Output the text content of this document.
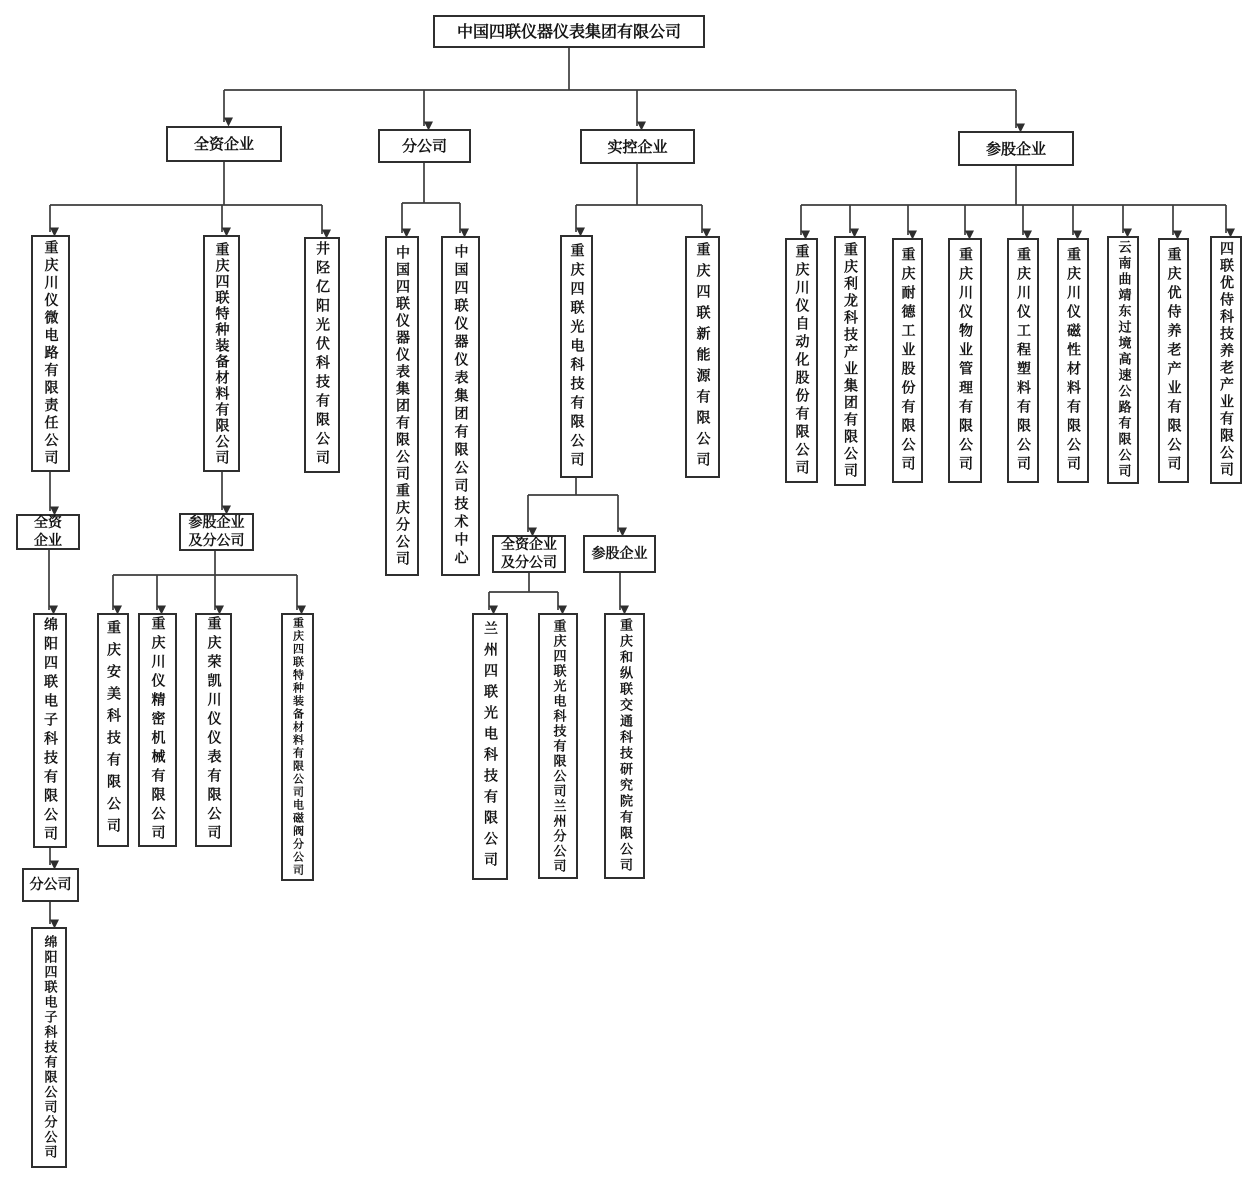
中国四联仪器仪表集团有限公司
全资企业	分公司	实控企业	参股企业
重庆川仪微电路有限责任公司	重庆四联特种装备材料有限公司	井陉亿阳光伏科技有限公司	中国四联仪器仪表集团有限公司重庆分公司	中国四联仪器仪表集团有限公司技术中心	重庆四联光电科技有限公司	重庆四联新能源有限公司	重庆川仪自动化股份有限公司	重庆利龙科技产业集团有限公司	重庆耐德工业股份有限公司	重庆川仪物业管理有限公司	重庆川仪工程塑料有限公司	重庆川仪磁性材料有限公司	云南曲靖东过境高速公路有限公司	重庆优侍养老产业有限公司	四联优侍科技养老产业有限公司
全资企业
参股企业及分公司
绵阳四联电子科技有限公司
分公司
绵阳四联电子科技有限公司分公司
重庆安美科技有限公司	重庆川仪精密机械有限公司	重庆荣凯川仪仪表有限公司	重庆四联特种装备材料有限公司电磁阀分公司
全资企业及分公司
参股企业
兰州四联光电科技有限公司	重庆四联光电科技有限公司兰州分公司	重庆和纵联交通科技研究院有限公司
